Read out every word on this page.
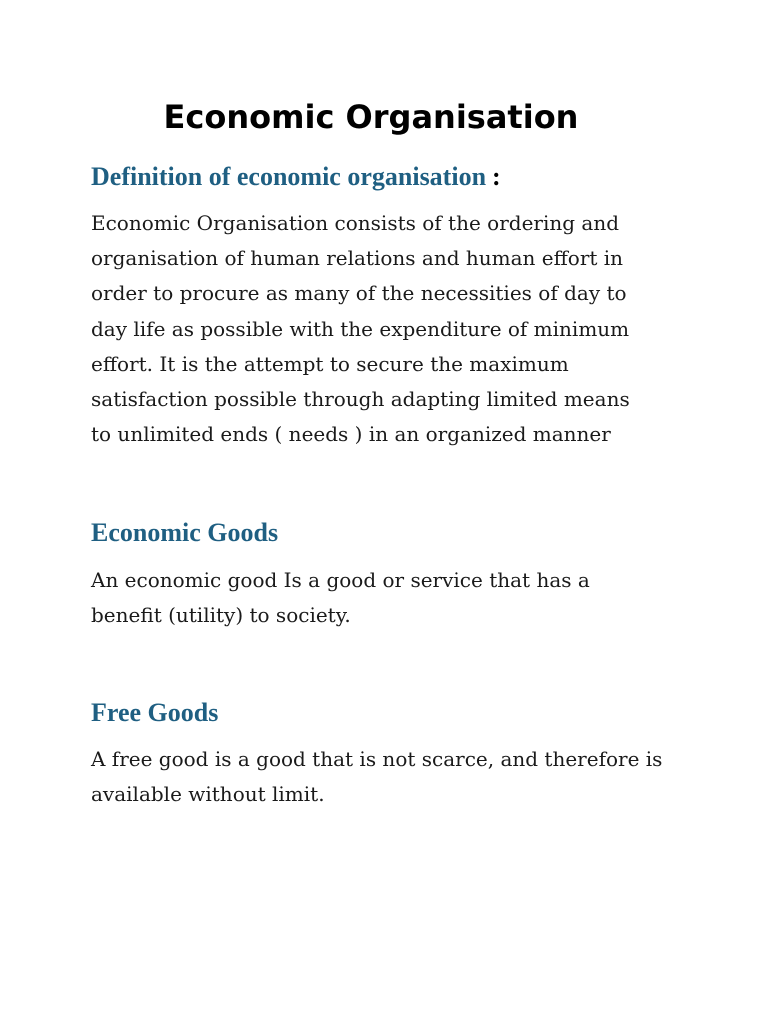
Economic Organisation
Definition of economic organisation :
Economic Organisation consists of the ordering and
organisation of human relations and human effort in
order to procure as many of the necessities of day to
day life as possible with the expenditure of minimum
effort. It is the attempt to secure the maximum
satisfaction possible through adapting limited means
to unlimited ends ( needs ) in an organized manner
Economic Goods
An economic good Is a good or service that has a
benefit (utility) to society.
Free Goods
A free good is a good that is not scarce, and therefore is
available without limit.
